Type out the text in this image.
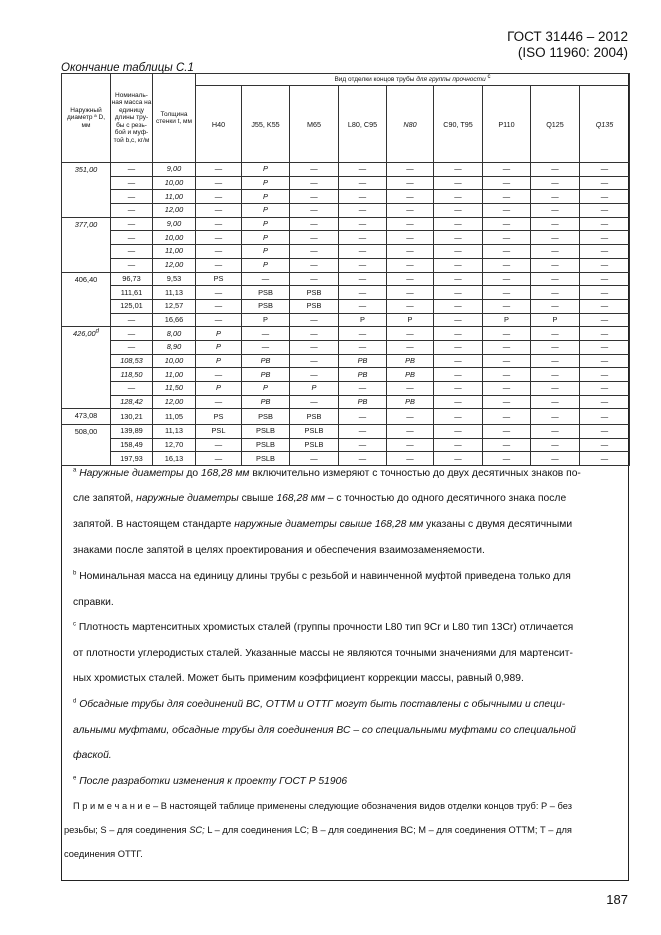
ГОСТ 31446 – 2012
(ISO 11960: 2004)
Окончание таблицы С.1
Наружный диаметр ª D, мм	Номиналь-ная масса на единицу длины тру-бы с резь-бой и муф-той b,c, кг/м	Толщина стенки t, мм	Вид отделки концов трубы для группы прочности $^c$
			H40	J55, K55	M65	L80, C95	N80	C90, T95	P110	Q125	Q135
351,00	—	9,00	—	P	—	—	—	—	—	—	—
	—	10,00	—	P	—	—	—	—	—	—	—
	—	11,00	—	P	—	—	—	—	—	—	—
	—	12,00	—	P	—	—	—	—	—	—	—
377,00	—	9,00	—	P	—	—	—	—	—	—	—
	—	10,00	—	P	—	—	—	—	—	—	—
	—	11,00	—	P	—	—	—	—	—	—	—
	—	12,00	—	P	—	—	—	—	—	—	—
406,40	96,73	9,53	PS	—	—	—	—	—	—	—	—
	111,61	11,13	—	PSB	PSB	—	—	—	—	—	—
	125,01	12,57	—	PSB	PSB	—	—	—	—	—	—
	—	16,66	—	P	—	P	P	—	P	P	—
426,00$^d$	—	8,00	P	—	—	—	—	—	—	—	—
	—	8,90	P	—	—	—	—	—	—	—	—
	108,53	10,00	P	PB	—	PB	PB	—	—	—	—
	118,50	11,00	—	PB	—	PB	PB	—	—	—	—
	—	11,50	P	P	P	—	—	—	—	—	—
	128,42	12,00	—	PB	—	PB	PB	—	—	—	—
473,08	130,21	11,05	PS	PSB	PSB	—	—	—	—	—	—
508,00	139,89	11,13	PSL	PSLB	PSLB	—	—	—	—	—	—
	158,49	12,70	—	PSLB	PSLB	—	—	—	—	—	—
	197,93	16,13	—	PSLB	—	—	—	—	—	—	—
$^a$ Наружные диаметры до 168,28 мм включительно измеряют с точностью до двух десятичных знаков по-
сле запятой, наружные диаметры свыше 168,28 мм – с точностью до одного десятичного знака после
запятой. В настоящем стандарте наружные диаметры свыше 168,28 мм указаны с двумя десятичными
знаками после запятой в целях проектирования и обеспечения взаимозаменяемости.
$^b$ Номинальная масса на единицу длины трубы с резьбой и навинченной муфтой приведена только для
справки.
$^c$ Плотность мартенситных хромистых сталей (группы прочности L80 тип 9Cr и L80 тип 13Cr) отличается
от плотности углеродистых сталей. Указанные массы не являются точными значениями для мартенсит-
ных хромистых сталей. Может быть применим коэффициент коррекции массы, равный 0,989.
$^d$ Обсадные трубы для соединений ВС, ОТТМ и ОТТГ могут быть поставлены с обычными и специ-
альными муфтами, обсадные трубы для соединения ВС – со специальными муфтами со специальной
фаской.
$^e$ После разработки изменения к проекту ГОСТ Р 51906
П р и м е ч а н и е – В настоящей таблице применены следующие обозначения видов отделки концов труб: Р – без
резьбы; S – для соединения SC; L – для соединения LC; B – для соединения ВС; М – для соединения ОТТМ; Т – для
соединения ОТТГ.
187
